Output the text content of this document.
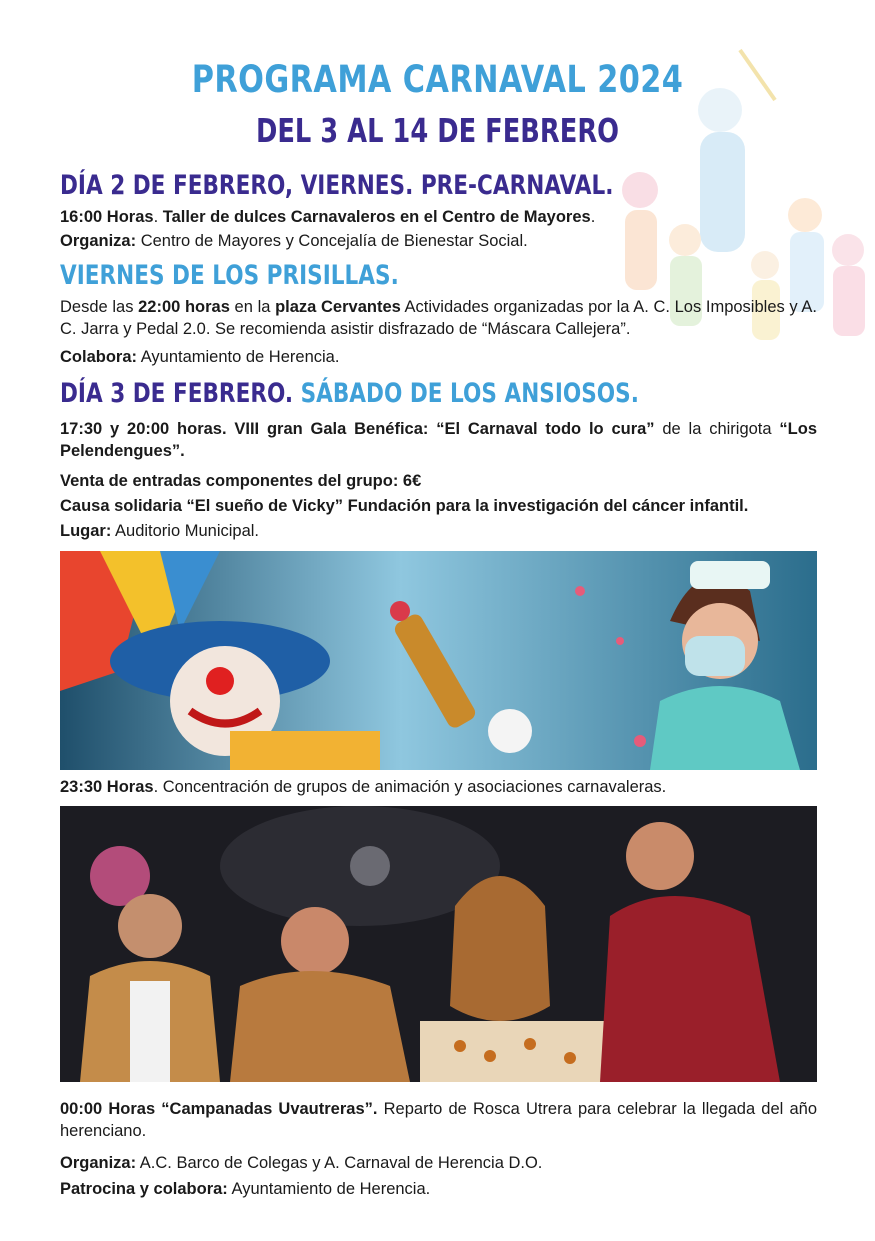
PROGRAMA CARNAVAL 2024
DEL 3 AL 14 DE FEBRERO
DÍA 2 DE FEBRERO, VIERNES. PRE-CARNAVAL.
16:00 Horas. Taller de dulces Carnavaleros en el Centro de Mayores.
Organiza: Centro de Mayores y Concejalía de Bienestar Social.
VIERNES DE LOS PRISILLAS.
Desde las 22:00 horas en la plaza Cervantes Actividades organizadas por la A. C. Los Imposibles y A. C. Jarra y Pedal 2.0. Se recomienda asistir disfrazado de “Máscara Callejera”.
Colabora: Ayuntamiento de Herencia.
DÍA 3 DE FEBRERO. SÁBADO DE LOS ANSIOSOS.
17:30 y 20:00 horas. VIII gran Gala Benéfica: “El Carnaval todo lo cura” de la chirigota “Los Pelendengues”.
Venta de entradas componentes del grupo: 6€
Causa solidaria “El sueño de Vicky” Fundación para la investigación del cáncer infantil.
Lugar: Auditorio Municipal.
23:30 Horas. Concentración de grupos de animación y asociaciones carnavaleras.
00:00 Horas “Campanadas Uvautreras”. Reparto de Rosca Utrera para celebrar la llegada del año herenciano.
Organiza: A.C. Barco de Colegas y A. Carnaval de Herencia D.O.
Patrocina y colabora: Ayuntamiento de Herencia.
